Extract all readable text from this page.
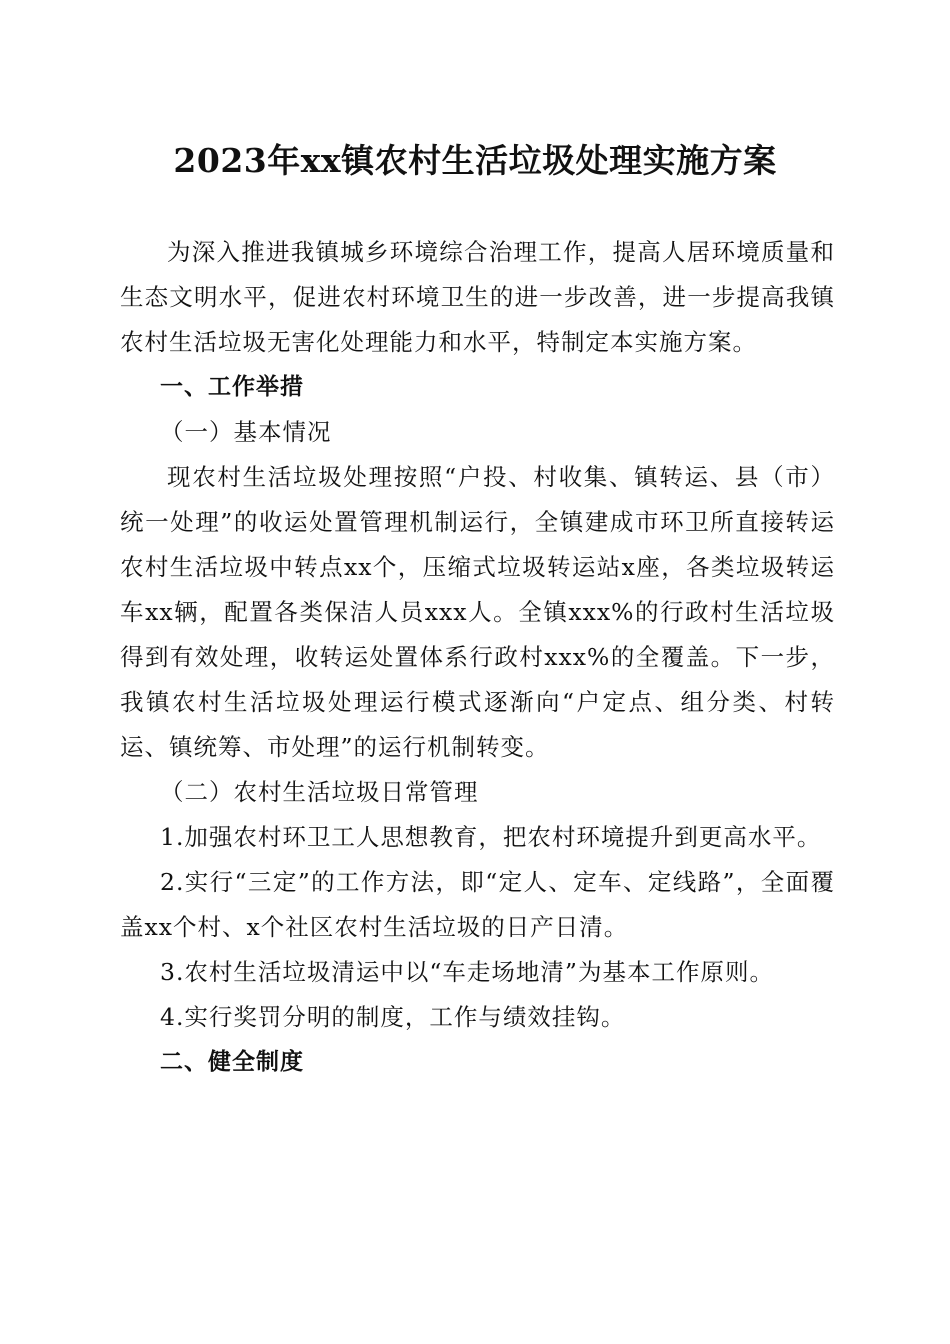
2023年xx镇农村生活垃圾处理实施方案

为深入推进我镇城乡环境综合治理工作，提高人居环境质量和生态文明水平，促进农村环境卫生的进一步改善，进一步提高我镇农村生活垃圾无害化处理能力和水平，特制定本实施方案。

一、工作举措

（一）基本情况

现农村生活垃圾处理按照“户投、村收集、镇转运、县（市）统一处理”的收运处置管理机制运行，全镇建成市环卫所直接转运农村生活垃圾中转点xx个，压缩式垃圾转运站x座，各类垃圾转运车xx辆，配置各类保洁人员xxx人。全镇xxx%的行政村生活垃圾得到有效处理，收转运处置体系行政村xxx%的全覆盖。下一步，我镇农村生活垃圾处理运行模式逐渐向“户定点、组分类、村转运、镇统筹、市处理”的运行机制转变。

（二）农村生活垃圾日常管理

1.加强农村环卫工人思想教育，把农村环境提升到更高水平。

2.实行“三定”的工作方法，即“定人、定车、定线路”，全面覆盖xx个村、x个社区农村生活垃圾的日产日清。

3.农村生活垃圾清运中以“车走场地清”为基本工作原则。

4.实行奖罚分明的制度，工作与绩效挂钩。

二、健全制度
